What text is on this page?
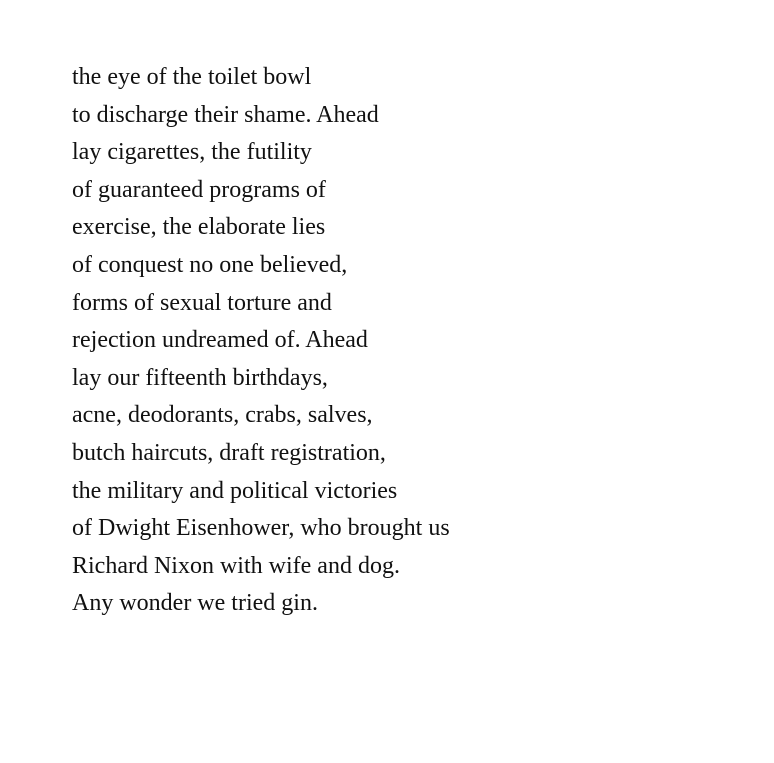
the eye of the toilet bowl
to discharge their shame. Ahead
lay cigarettes, the futility
of guaranteed programs of
exercise, the elaborate lies
of conquest no one believed,
forms of sexual torture and
rejection undreamed of. Ahead
lay our fifteenth birthdays,
acne, deodorants, crabs, salves,
butch haircuts, draft registration,
the military and political victories
of Dwight Eisenhower, who brought us
Richard Nixon with wife and dog.
Any wonder we tried gin.
